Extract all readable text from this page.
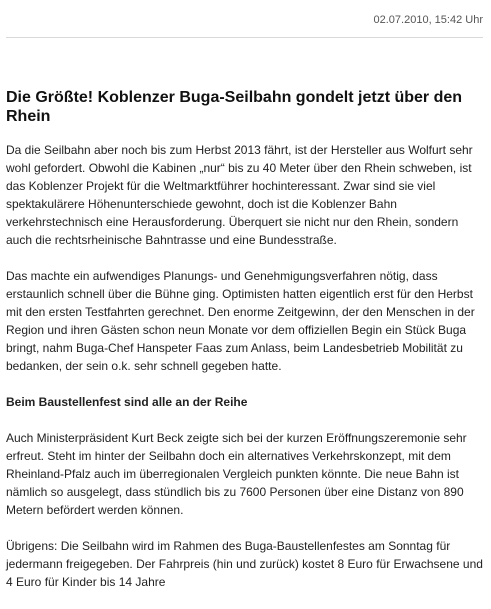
02.07.2010, 15:42 Uhr
Die Größte! Koblenzer Buga-Seilbahn gondelt jetzt über den Rhein

Da die Seilbahn aber noch bis zum Herbst 2013 fährt, ist der Hersteller aus Wolfurt sehr wohl gefordert. Obwohl die Kabinen „nur“ bis zu 40 Meter über den Rhein schweben, ist das Koblenzer Projekt für die Weltmarktführer hochinteressant. Zwar sind sie viel spektakulärere Höhenunterschiede gewohnt, doch ist die Koblenzer Bahn verkehrstechnisch eine Herausforderung. Überquert sie nicht nur den Rhein, sondern auch die rechtsrheinische Bahntrasse und eine Bundesstraße.

Das machte ein aufwendiges Planungs- und Genehmigungsverfahren nötig, dass erstaunlich schnell über die Bühne ging. Optimisten hatten eigentlich erst für den Herbst mit den ersten Testfahrten gerechnet. Den enorme Zeitgewinn, der den Menschen in der Region und ihren Gästen schon neun Monate vor dem offiziellen Begin ein Stück Buga bringt, nahm Buga-Chef Hanspeter Faas zum Anlass, beim Landesbetrieb Mobilität zu bedanken, der sein o.k. sehr schnell gegeben hatte.

Beim Baustellenfest sind alle an der Reihe

Auch Ministerpräsident Kurt Beck zeigte sich bei der kurzen Eröffnungszeremonie sehr erfreut. Steht im hinter der Seilbahn doch ein alternatives Verkehrskonzept, mit dem Rheinland-Pfalz auch im überregionalen Vergleich punkten könnte. Die neue Bahn ist nämlich so ausgelegt, dass stündlich bis zu 7600 Personen über eine Distanz von 890 Metern befördert werden können.

Übrigens: Die Seilbahn wird im Rahmen des Buga-Baustellenfestes am Sonntag für jedermann freigegeben. Der Fahrpreis (hin und zurück) kostet 8 Euro für Erwachsene und 4 Euro für Kinder bis 14 Jahre
